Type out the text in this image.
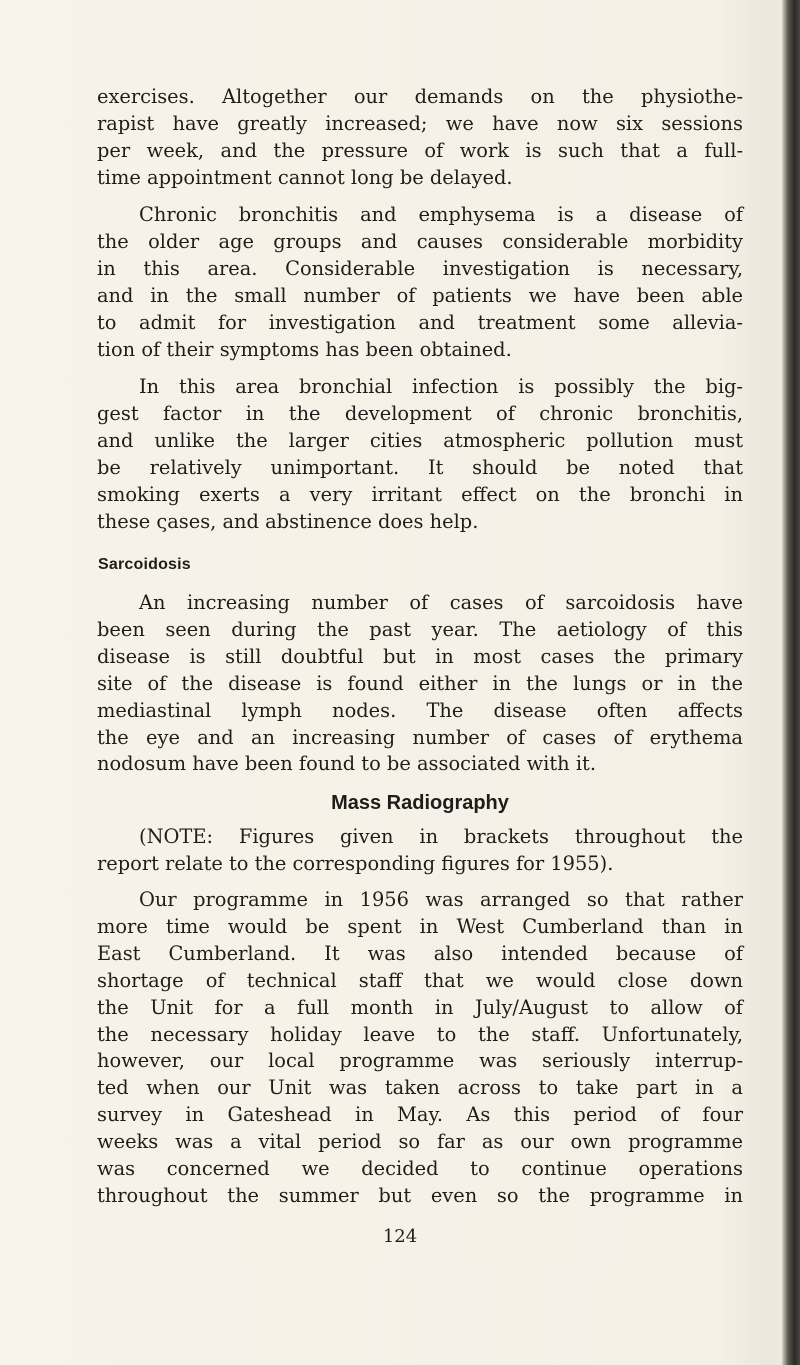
exercises. Altogether our demands on the physiothe-
rapist have greatly increased; we have now six sessions
per week, and the pressure of work is such that a full-
time appointment cannot long be delayed.
Chronic bronchitis and emphysema is a disease of
the older age groups and causes considerable morbidity
in this area. Considerable investigation is necessary,
and in the small number of patients we have been able
to admit for investigation and treatment some allevia-
tion of their symptoms has been obtained.
In this area bronchial infection is possibly the big-
gest factor in the development of chronic bronchitis,
and unlike the larger cities atmospheric pollution must
be relatively unimportant. It should be noted that
smoking exerts a very irritant effect on the bronchi in
these ςases, and abstinence does help.
Sarcoidosis
An increasing number of cases of sarcoidosis have
been seen during the past year. The aetiology of this
disease is still doubtful but in most cases the primary
site of the disease is found either in the lungs or in the
mediastinal lymph nodes. The disease often affects
the eye and an increasing number of cases of erythema
nodosum have been found to be associated with it.
Mass Radiography
(NOTE: Figures given in brackets throughout the
report relate to the corresponding figures for 1955).
Our programme in 1956 was arranged so that rather
more time would be spent in West Cumberland than in
East Cumberland. It was also intended because of
shortage of technical staff that we would close down
the Unit for a full month in July/August to allow of
the necessary holiday leave to the staff. Unfortunately,
however, our local programme was seriously interrup-
ted when our Unit was taken across to take part in a
survey in Gateshead in May. As this period of four
weeks was a vital period so far as our own programme
was concerned we decided to continue operations
throughout the summer but even so the programme in
124
